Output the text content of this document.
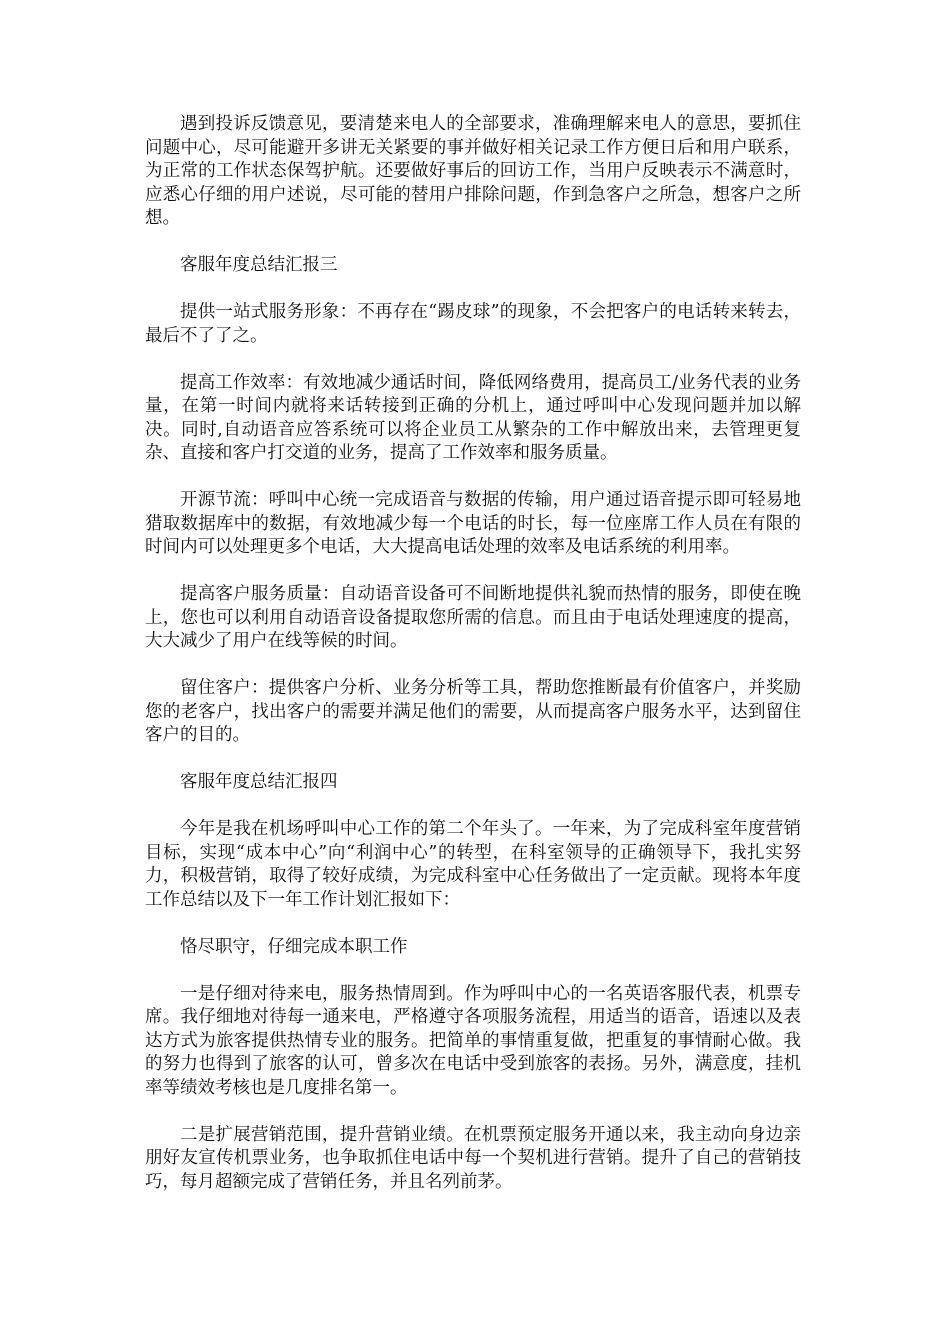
遇到投诉反馈意见，要清楚来电人的全部要求，准确理解来电人的意思，要抓住问题中心，尽可能避开多讲无关紧要的事并做好相关记录工作方便日后和用户联系，为正常的工作状态保驾护航。还要做好事后的回访工作，当用户反映表示不满意时，应悉心仔细的用户述说，尽可能的替用户排除问题，作到急客户之所急，想客户之所想。

客服年度总结汇报三

提供一站式服务形象：不再存在“踢皮球”的现象，不会把客户的电话转来转去，最后不了了之。

提高工作效率：有效地减少通话时间，降低网络费用，提高员工/业务代表的业务量，在第一时间内就将来话转接到正确的分机上，通过呼叫中心发现问题并加以解决。同时,自动语音应答系统可以将企业员工从繁杂的工作中解放出来，去管理更复杂、直接和客户打交道的业务，提高了工作效率和服务质量。

开源节流：呼叫中心统一完成语音与数据的传输，用户通过语音提示即可轻易地猎取数据库中的数据，有效地减少每一个电话的时长，每一位座席工作人员在有限的时间内可以处理更多个电话，大大提高电话处理的效率及电话系统的利用率。

提高客户服务质量：自动语音设备可不间断地提供礼貌而热情的服务，即使在晚上，您也可以利用自动语音设备提取您所需的信息。而且由于电话处理速度的提高，大大减少了用户在线等候的时间。

留住客户：提供客户分析、业务分析等工具，帮助您推断最有价值客户，并奖励您的老客户，找出客户的需要并满足他们的需要，从而提高客户服务水平，达到留住客户的目的。

客服年度总结汇报四

今年是我在机场呼叫中心工作的第二个年头了。一年来，为了完成科室年度营销目标，实现“成本中心”向“利润中心”的转型，在科室领导的正确领导下，我扎实努力，积极营销，取得了较好成绩，为完成科室中心任务做出了一定贡献。现将本年度工作总结以及下一年工作计划汇报如下：

恪尽职守，仔细完成本职工作

一是仔细对待来电，服务热情周到。作为呼叫中心的一名英语客服代表，机票专席。我仔细地对待每一通来电，严格遵守各项服务流程，用适当的语音，语速以及表达方式为旅客提供热情专业的服务。把简单的事情重复做，把重复的事情耐心做。我的努力也得到了旅客的认可，曾多次在电话中受到旅客的表扬。另外，满意度，挂机率等绩效考核也是几度排名第一。

二是扩展营销范围，提升营销业绩。在机票预定服务开通以来，我主动向身边亲朋好友宣传机票业务，也争取抓住电话中每一个契机进行营销。提升了自己的营销技巧，每月超额完成了营销任务，并且名列前茅。
